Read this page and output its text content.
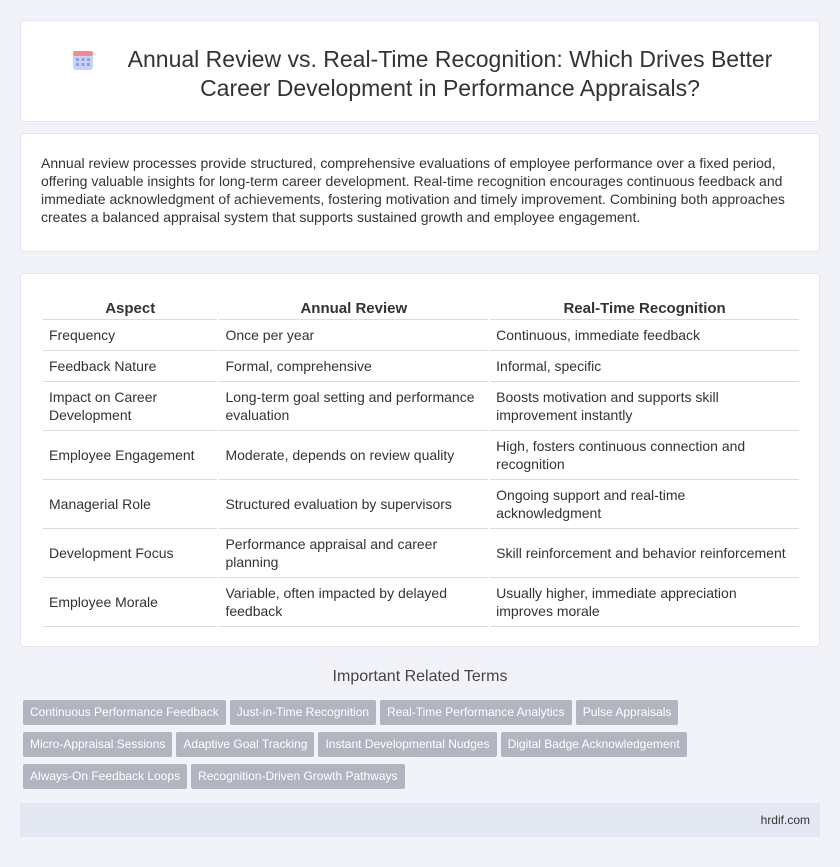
Annual Review vs. Real-Time Recognition: Which Drives Better Career Development in Performance Appraisals?

Annual review processes provide structured, comprehensive evaluations of employee performance over a fixed period, offering valuable insights for long-term career development. Real-time recognition encourages continuous feedback and immediate acknowledgment of achievements, fostering motivation and timely improvement. Combining both approaches creates a balanced appraisal system that supports sustained growth and employee engagement.

Aspect	Annual Review	Real-Time Recognition
Frequency	Once per year	Continuous, immediate feedback
Feedback Nature	Formal, comprehensive	Informal, specific
Impact on Career Development	Long-term goal setting and performance evaluation	Boosts motivation and supports skill improvement instantly
Employee Engagement	Moderate, depends on review quality	High, fosters continuous connection and recognition
Managerial Role	Structured evaluation by supervisors	Ongoing support and real-time acknowledgment
Development Focus	Performance appraisal and career planning	Skill reinforcement and behavior reinforcement
Employee Morale	Variable, often impacted by delayed feedback	Usually higher, immediate appreciation improves morale
Important Related Terms
Continuous Performance Feedback Just-in-Time Recognition Real-Time Performance Analytics Pulse Appraisals
Micro-Appraisal Sessions Adaptive Goal Tracking Instant Developmental Nudges Digital Badge Acknowledgement
Always-On Feedback Loops Recognition-Driven Growth Pathways
hrdif.com
